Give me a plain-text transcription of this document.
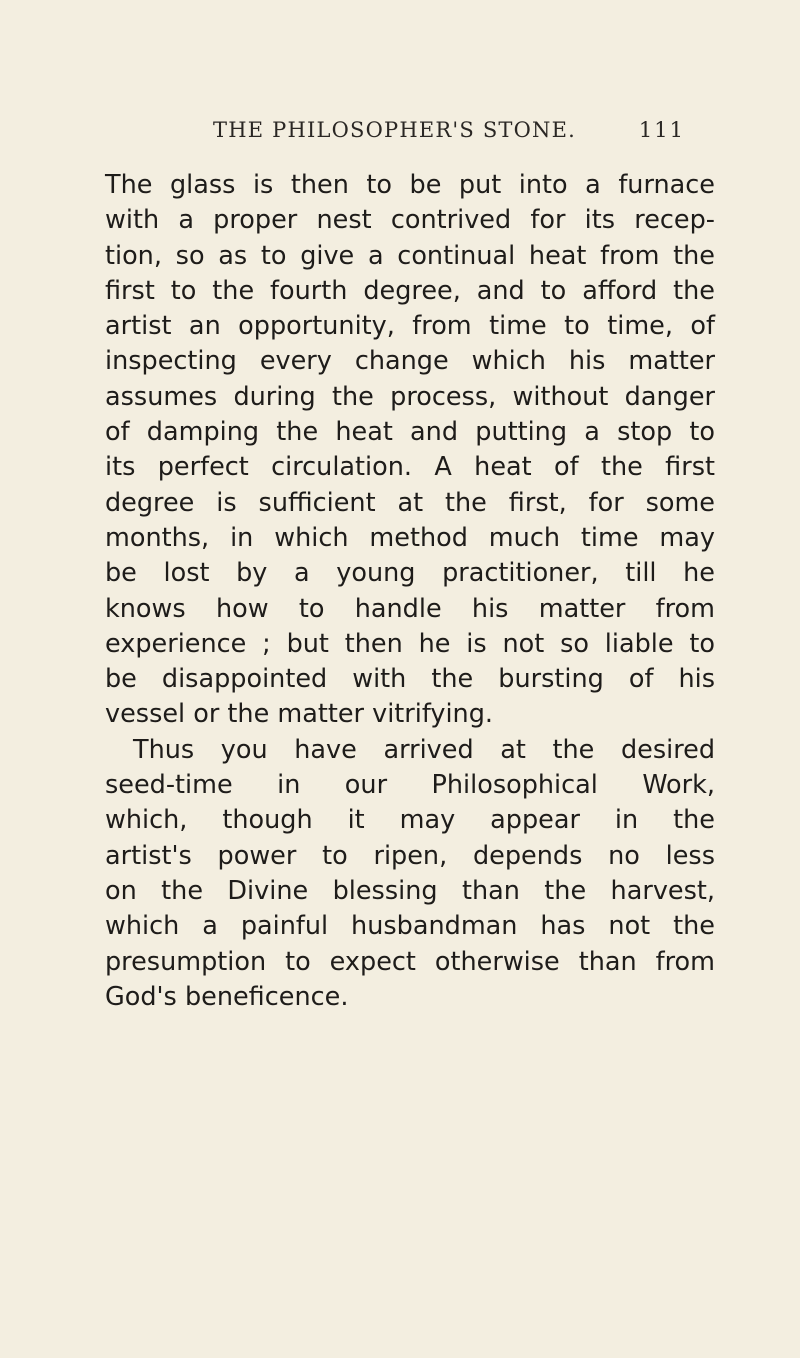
THE PHILOSOPHER'S STONE.	111
The glass is then to be put into a furnace
with a proper nest contrived for its recep-
tion, so as to give a continual heat from the
first to the fourth degree, and to afford the
artist an opportunity, from time to time, of
inspecting every change which his matter
assumes during the process, without danger
of damping the heat and putting a stop to
its perfect circulation. A heat of the first
degree is sufficient at the first, for some
months, in which method much time may
be lost by a young practitioner, till he
knows how to handle his matter from
experience ; but then he is not so liable to
be disappointed with the bursting of his
vessel or the matter vitrifying.
Thus you have arrived at the desired
seed-time in our Philosophical Work,
which, though it may appear in the
artist's power to ripen, depends no less
on the Divine blessing than the harvest,
which a painful husbandman has not the
presumption to expect otherwise than from
God's beneficence.
